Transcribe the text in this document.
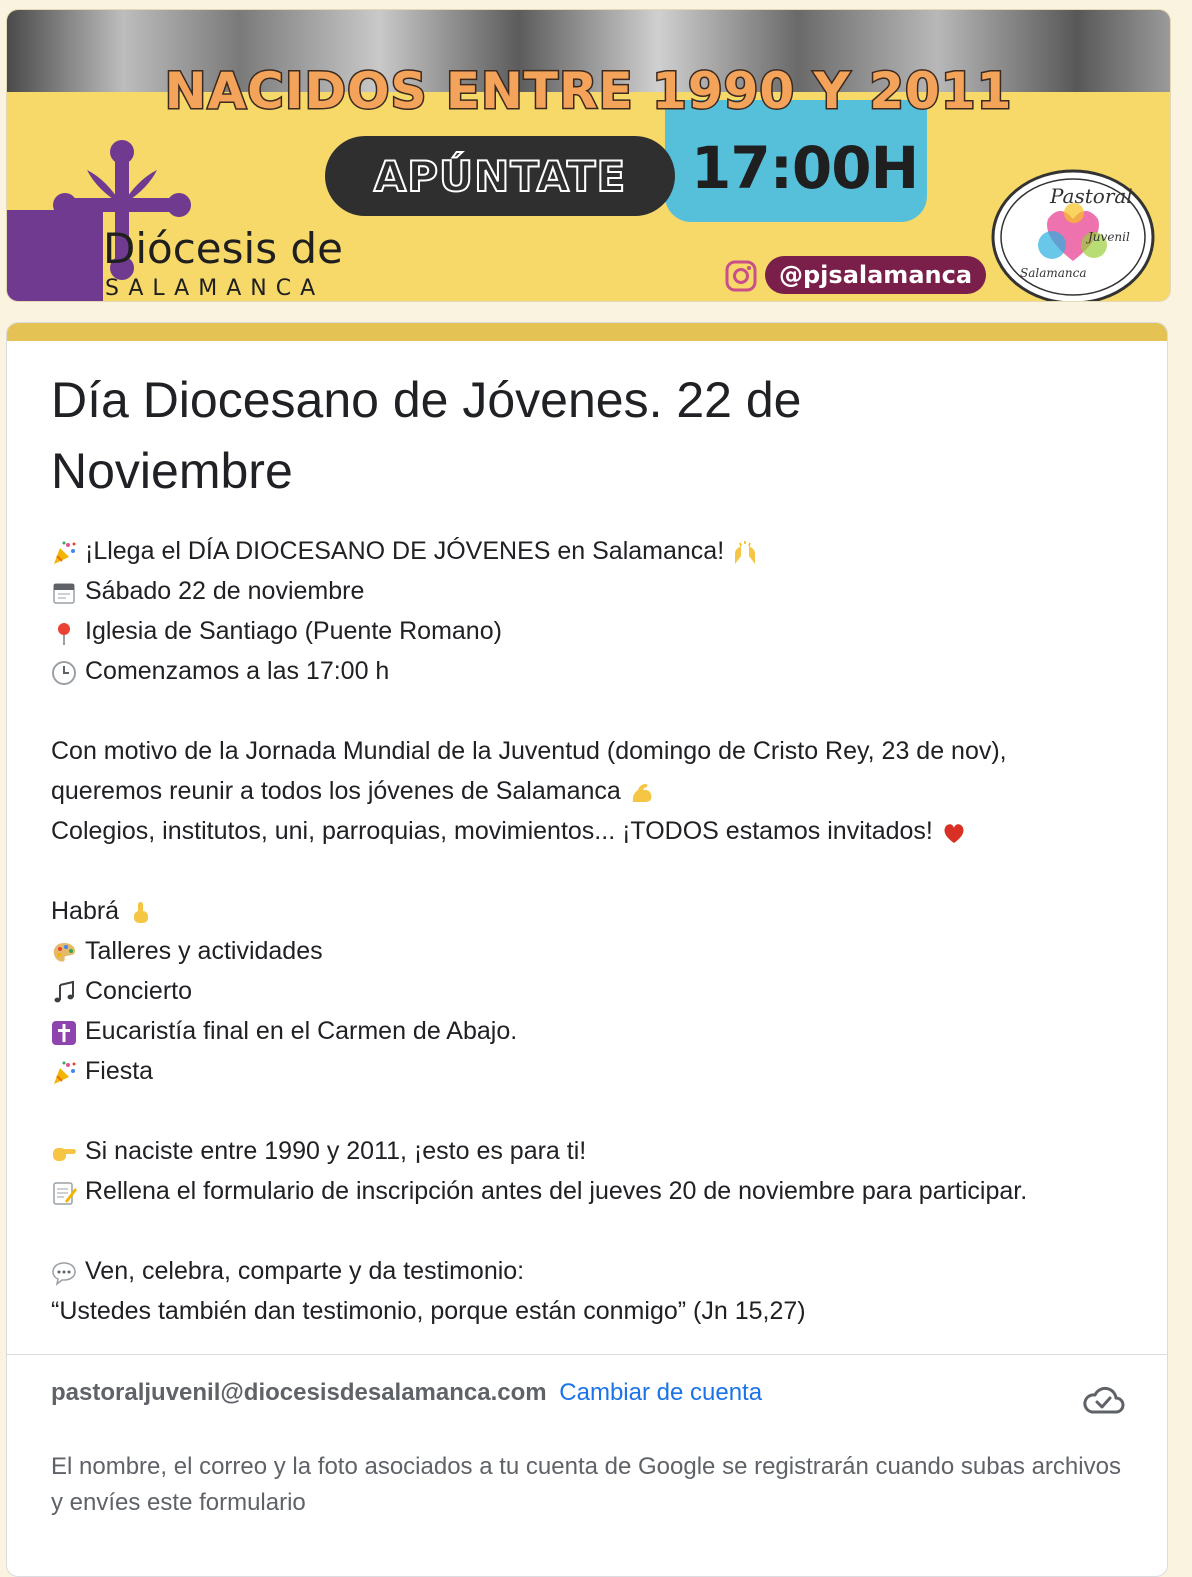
NACIDOS ENTRE 1990 Y 2011
APÚNTATE 17:00H
Diócesis de
SALAMANCA	@pjsalamanca
Pastoral
Juvenil
Salamanca
Día Diocesano de Jóvenes. 22 de Noviembre
¡Llega el DÍA DIOCESANO DE JÓVENES en Salamanca!
Sábado 22 de noviembre
Iglesia de Santiago (Puente Romano)
Comenzamos a las 17:00 h
Con motivo de la Jornada Mundial de la Juventud (domingo de Cristo Rey, 23 de nov),
queremos reunir a todos los jóvenes de Salamanca
Colegios, institutos, uni, parroquias, movimientos... ¡TODOS estamos invitados!
Habrá
Talleres y actividades
Concierto
Eucaristía final en el Carmen de Abajo.
Fiesta
Si naciste entre 1990 y 2011, ¡esto es para ti!
Rellena el formulario de inscripción antes del jueves 20 de noviembre para participar.
Ven, celebra, comparte y da testimonio:
“Ustedes también dan testimonio, porque están conmigo” (Jn 15,27)
pastoraljuvenil@diocesisdesalamanca.com Cambiar de cuenta
El nombre, el correo y la foto asociados a tu cuenta de Google se registrarán cuando subas archivos y envíes este formulario
